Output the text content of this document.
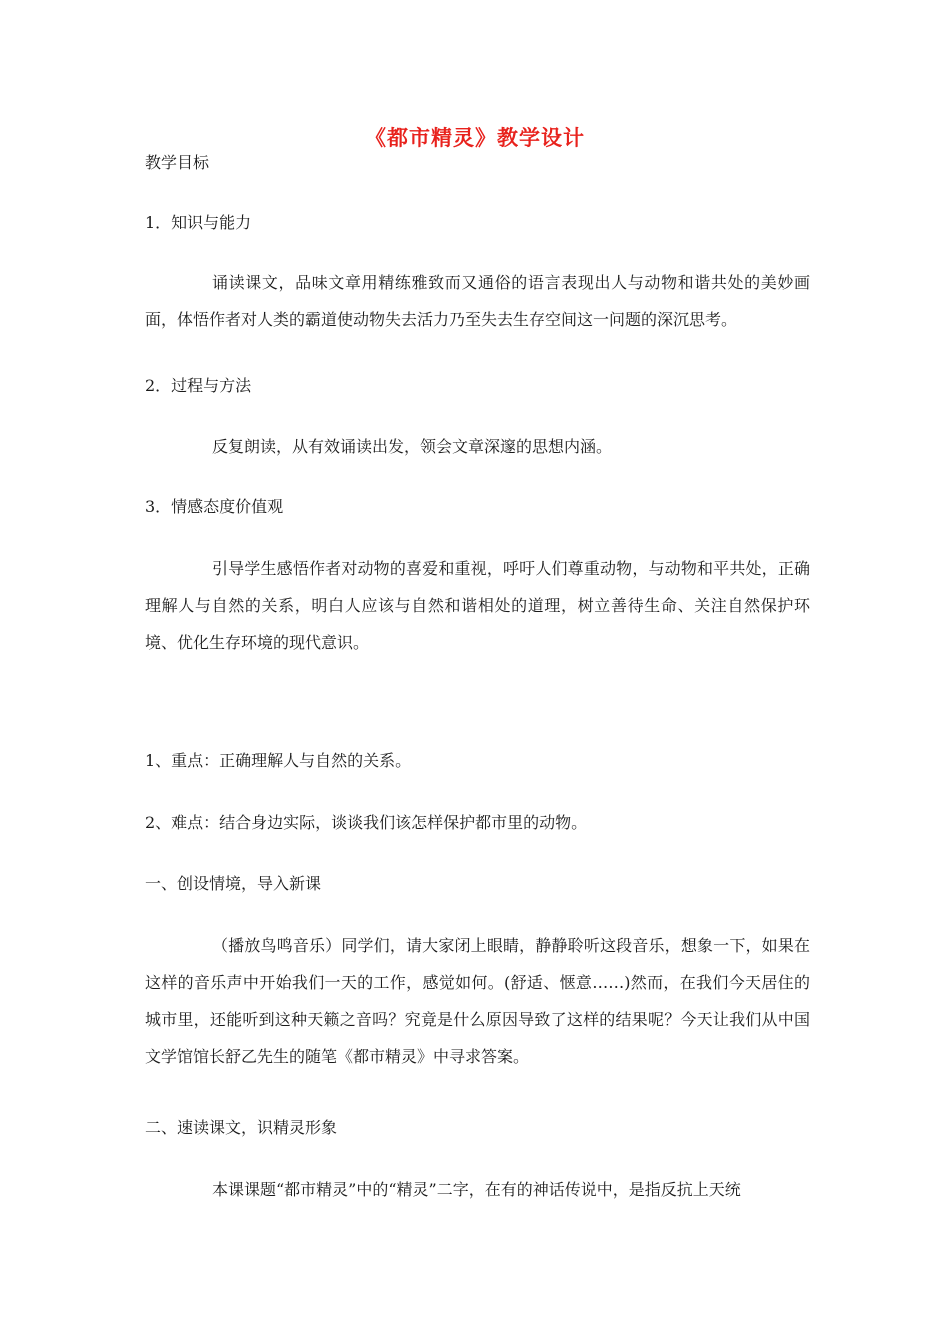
《都市精灵》教学设计
教学目标
1．知识与能力
诵读课文，品味文章用精练雅致而又通俗的语言表现出人与动物和谐共处的美妙画面，体悟作者对人类的霸道使动物失去活力乃至失去生存空间这一问题的深沉思考。
2．过程与方法
反复朗读，从有效诵读出发，领会文章深邃的思想内涵。
3．情感态度价值观
引导学生感悟作者对动物的喜爱和重视，呼吁人们尊重动物，与动物和平共处，正确理解人与自然的关系，明白人应该与自然和谐相处的道理，树立善待生命、关注自然保护环境、优化生存环境的现代意识。
1、重点：正确理解人与自然的关系。
2、难点：结合身边实际，谈谈我们该怎样保护都市里的动物。
一、创设情境，导入新课
（播放鸟鸣音乐）同学们，请大家闭上眼睛，静静聆听这段音乐，想象一下，如果在这样的音乐声中开始我们一天的工作，感觉如何。(舒适、惬意……)然而，在我们今天居住的城市里，还能听到这种天籁之音吗？究竟是什么原因导致了这样的结果呢？今天让我们从中国文学馆馆长舒乙先生的随笔《都市精灵》中寻求答案。
二、速读课文，识精灵形象
本课课题“都市精灵”中的“精灵”二字，在有的神话传说中，是指反抗上天统
